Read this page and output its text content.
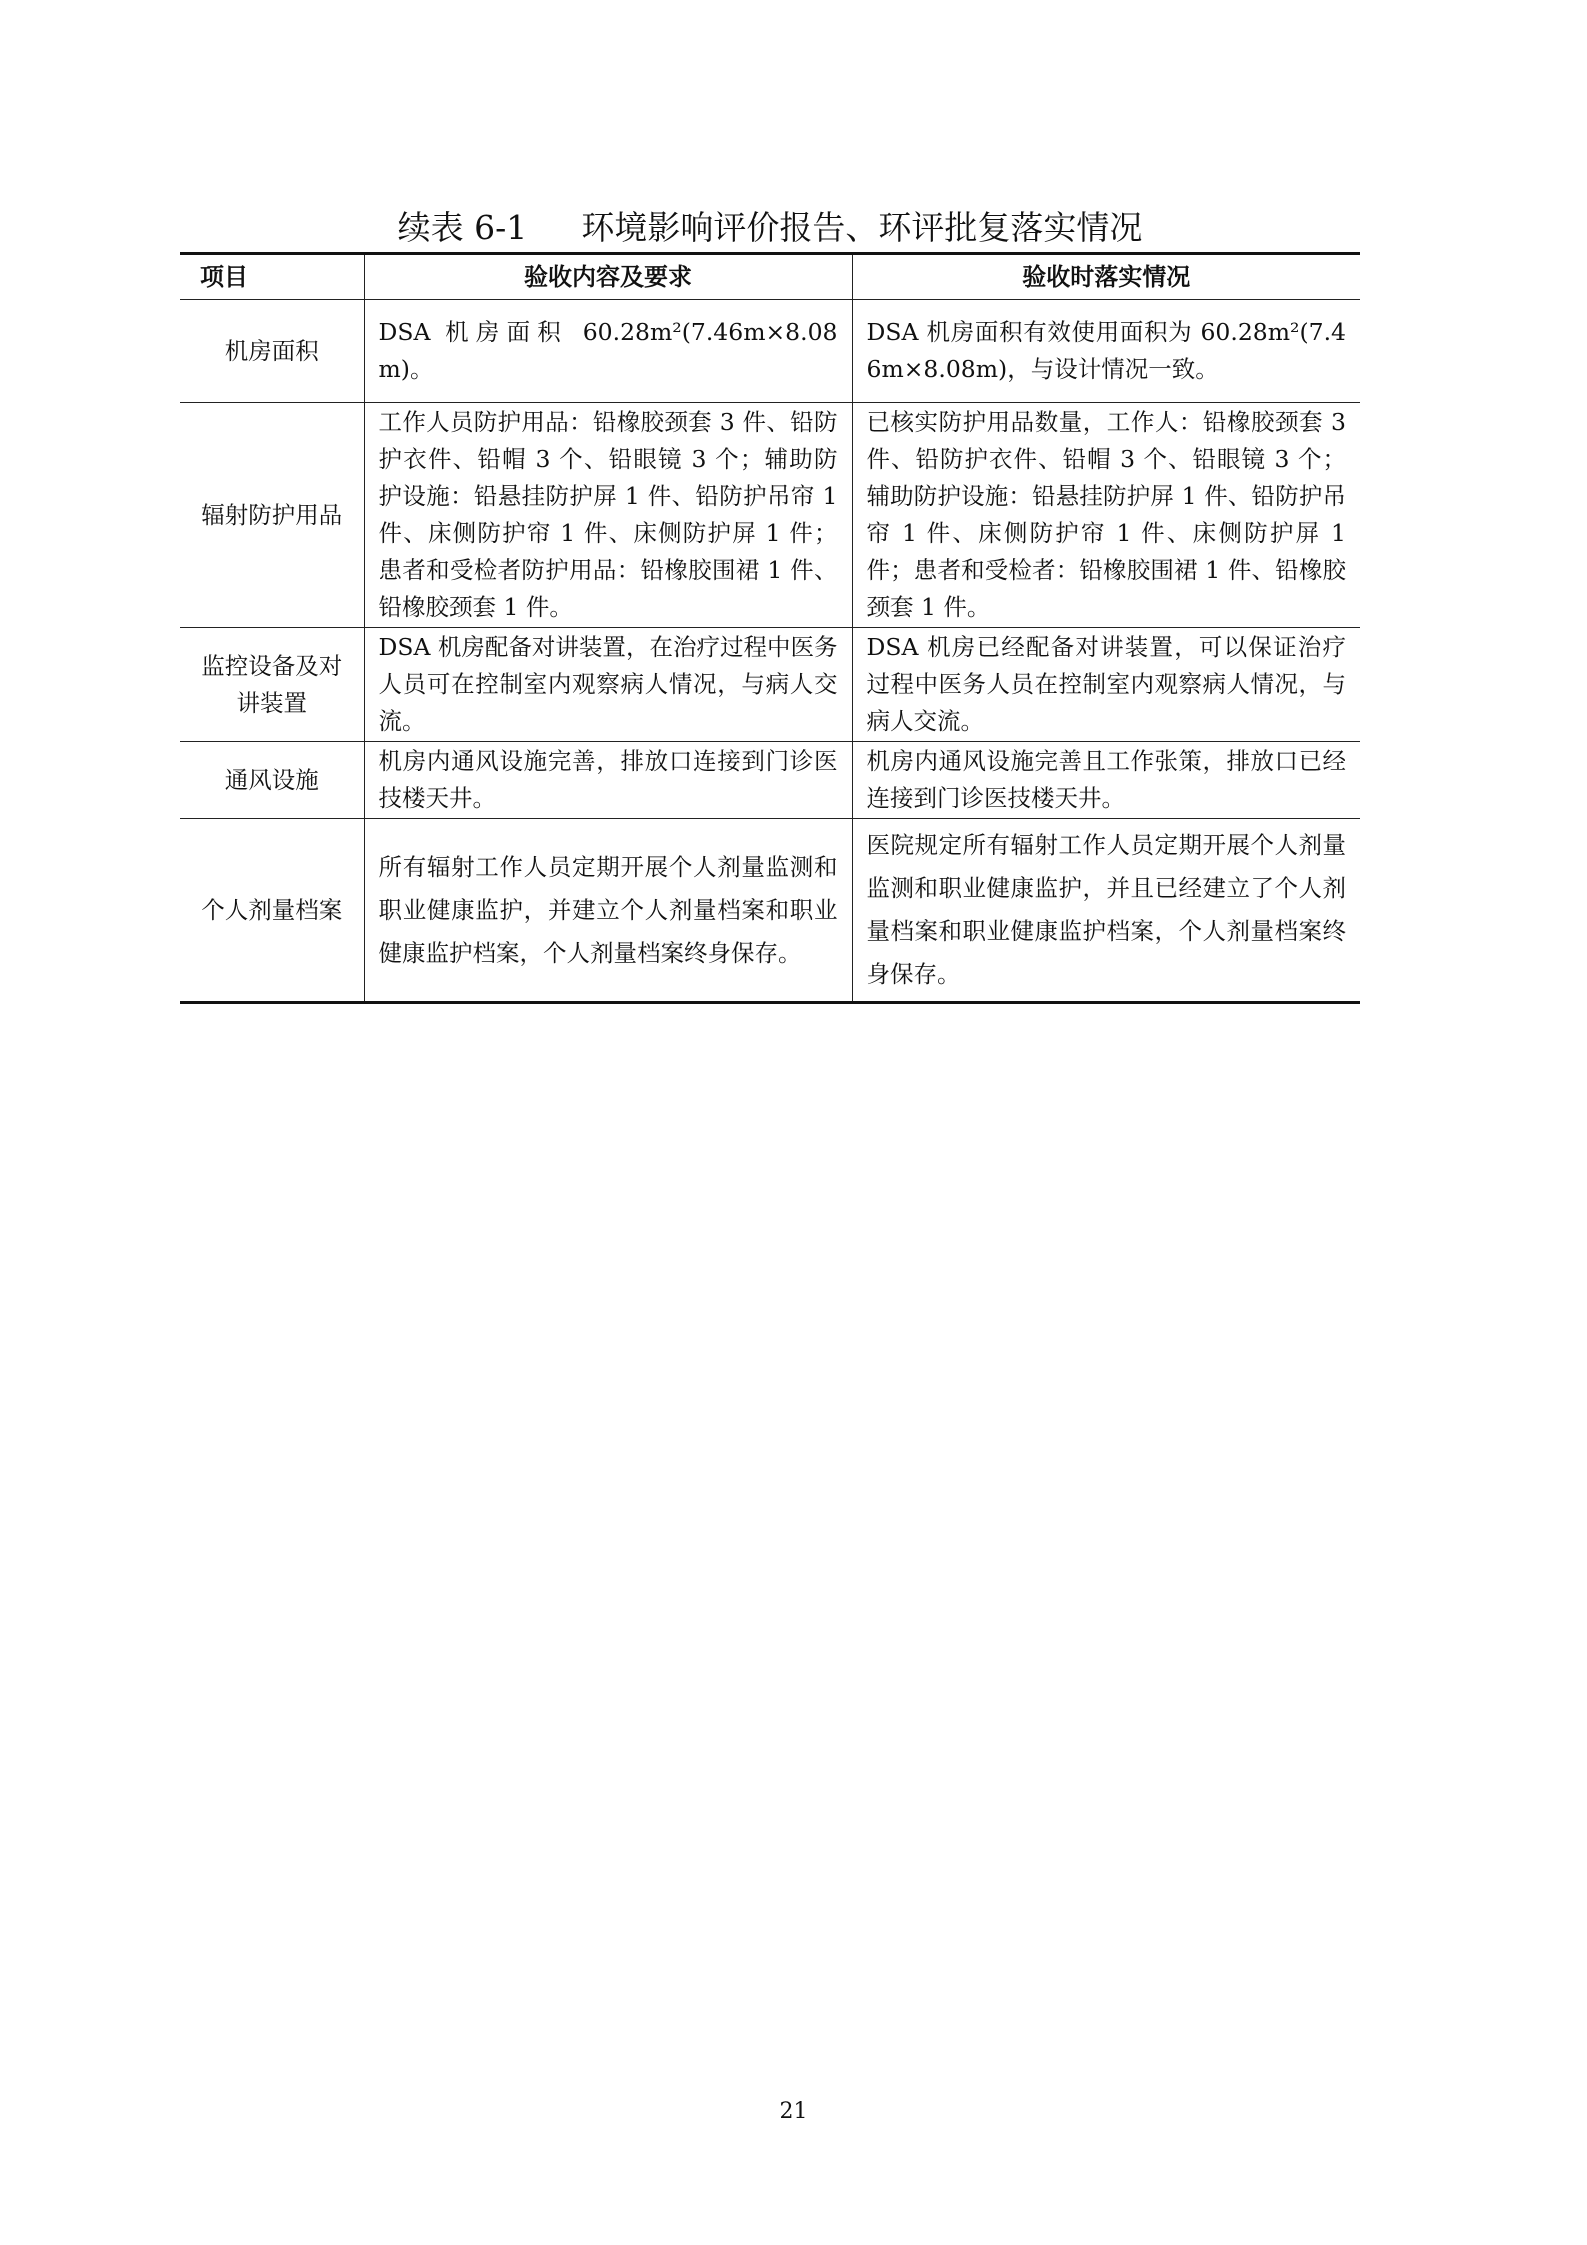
续表 6-1 环境影响评价报告、环评批复落实情况
项目	验收内容及要求	验收时落实情况
机房面积	DSA 机房面积 60.28m²(7.46m×8.08m)。	DSA 机房面积有效使用面积为 60.28m²(7.46m×8.08m)，与设计情况一致。
辐射防护用品	工作人员防护用品：铅橡胶颈套 3 件、铅防护衣件、铅帽 3 个、铅眼镜 3 个；辅助防护设施：铅悬挂防护屏 1 件、铅防护吊帘 1 件、床侧防护帘 1 件、床侧防护屏 1 件；患者和受检者防护用品：铅橡胶围裙 1 件、铅橡胶颈套 1 件。	已核实防护用品数量，工作人：铅橡胶颈套 3 件、铅防护衣件、铅帽 3 个、铅眼镜 3 个；辅助防护设施：铅悬挂防护屏 1 件、铅防护吊帘 1 件、床侧防护帘 1 件、床侧防护屏 1 件；患者和受检者：铅橡胶围裙 1 件、铅橡胶颈套 1 件。
监控设备及对讲装置	DSA 机房配备对讲装置，在治疗过程中医务人员可在控制室内观察病人情况，与病人交流。	DSA 机房已经配备对讲装置，可以保证治疗过程中医务人员在控制室内观察病人情况，与病人交流。
通风设施	机房内通风设施完善，排放口连接到门诊医技楼天井。	机房内通风设施完善且工作张策，排放口已经连接到门诊医技楼天井。
个人剂量档案	所有辐射工作人员定期开展个人剂量监测和职业健康监护，并建立个人剂量档案和职业健康监护档案，个人剂量档案终身保存。	医院规定所有辐射工作人员定期开展个人剂量监测和职业健康监护，并且已经建立了个人剂量档案和职业健康监护档案，个人剂量档案终身保存。
21
